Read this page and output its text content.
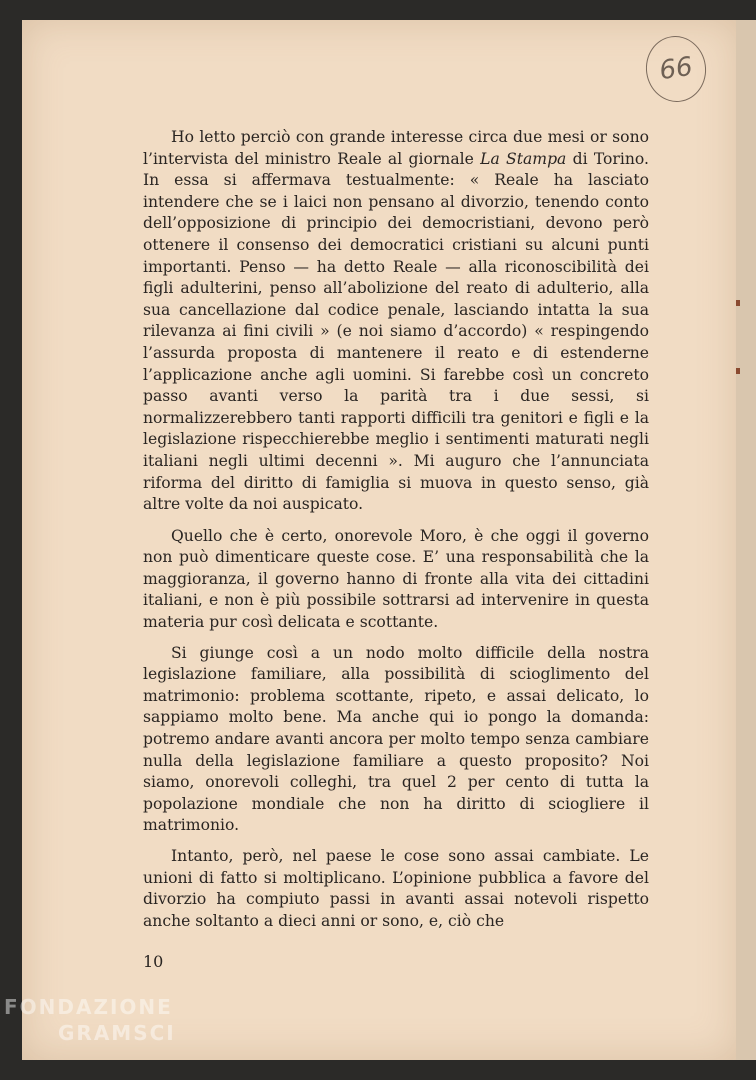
66

Ho letto perciò con grande interesse circa due mesi or sono l’intervista del ministro Reale al giornale La Stampa di Torino. In essa si affermava testualmente: « Reale ha lasciato intendere che se i laici non pensano al divorzio, tenendo conto dell’opposizione di principio dei democristiani, devono però ottenere il consenso dei democratici cristiani su alcuni punti importanti. Penso — ha detto Reale — alla riconoscibilità dei figli adulterini, penso all’abolizione del reato di adulterio, alla sua cancellazione dal codice penale, lasciando intatta la sua rilevanza ai fini civili » (e noi siamo d’accordo) « respingendo l’assurda proposta di mantenere il reato e di estenderne l’applicazione anche agli uomini. Si farebbe così un concreto passo avanti verso la parità tra i due sessi, si normalizzerebbero tanti rapporti difficili tra genitori e figli e la legislazione rispecchierebbe meglio i sentimenti maturati negli italiani negli ultimi decenni ». Mi auguro che l’annunciata riforma del diritto di famiglia si muova in questo senso, già altre volte da noi auspicato.

Quello che è certo, onorevole Moro, è che oggi il governo non può dimenticare queste cose. E’ una responsabilità che la maggioranza, il governo hanno di fronte alla vita dei cittadini italiani, e non è più possibile sottrarsi ad intervenire in questa materia pur così delicata e scottante.

Si giunge così a un nodo molto difficile della nostra legislazione familiare, alla possibilità di scioglimento del matrimonio: problema scottante, ripeto, e assai delicato, lo sappiamo molto bene. Ma anche qui io pongo la domanda: potremo andare avanti ancora per molto tempo senza cambiare nulla della legislazione familiare a questo proposito? Noi siamo, onorevoli colleghi, tra quel 2 per cento di tutta la popolazione mondiale che non ha diritto di sciogliere il matrimonio.

Intanto, però, nel paese le cose sono assai cambiate. Le unioni di fatto si moltiplicano. L’opinione pubblica a favore del divorzio ha compiuto passi in avanti assai notevoli rispetto anche soltanto a dieci anni or sono, e, ciò che

10
FONDAZIONE
GRAMSCI
